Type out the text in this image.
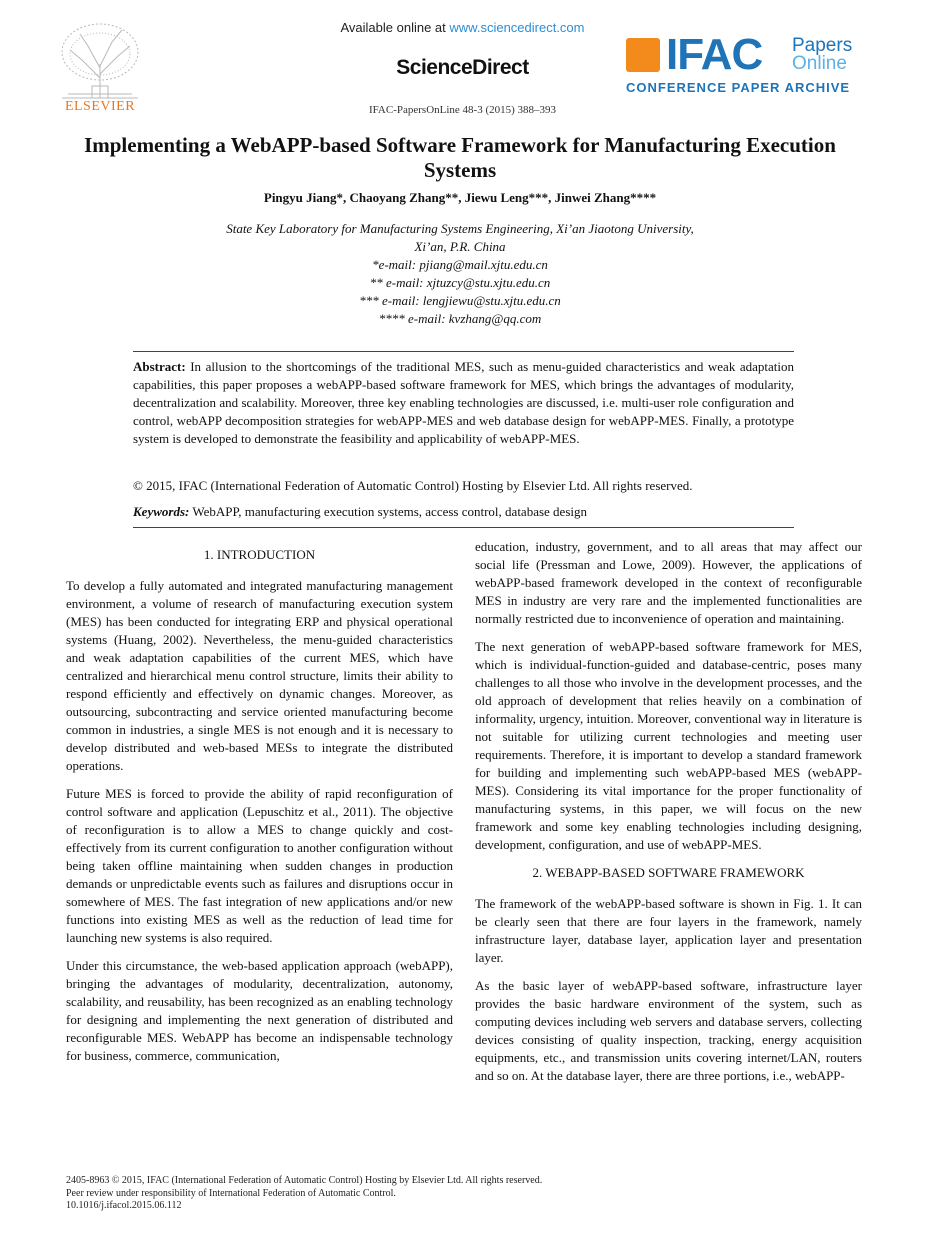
Available online at www.sciencedirect.com
ScienceDirect
IFAC-PapersOnLine 48-3 (2015) 388–393
ELSEVIER
IFAC Papers
Online
CONFERENCE PAPER ARCHIVE
Implementing a WebAPP-based Software Framework for Manufacturing Execution Systems
Pingyu Jiang*, Chaoyang Zhang**, Jiewu Leng***, Jinwei Zhang****
State Key Laboratory for Manufacturing Systems Engineering, Xi’an Jiaotong University,
Xi’an, P.R. China
*e-mail: pjiang@mail.xjtu.edu.cn
** e-mail: xjtuzcy@stu.xjtu.edu.cn
*** e-mail: lengjiewu@stu.xjtu.edu.cn
**** e-mail: kvzhang@qq.com
Abstract: In allusion to the shortcomings of the traditional MES, such as menu-guided characteristics and weak adaptation capabilities, this paper proposes a webAPP-based software framework for MES, which brings the advantages of modularity, decentralization and scalability. Moreover, three key enabling technologies are discussed, i.e. multi-user role configuration and control, webAPP decomposition strategies for webAPP-MES and web database design for webAPP-MES. Finally, a prototype system is developed to demonstrate the feasibility and applicability of webAPP-MES.
© 2015, IFAC (International Federation of Automatic Control) Hosting by Elsevier Ltd. All rights reserved.
Keywords: WebAPP, manufacturing execution systems, access control, database design
1. INTRODUCTION

To develop a fully automated and integrated manufacturing management environment, a volume of research of manufacturing execution system (MES) has been conducted for integrating ERP and physical operational systems (Huang, 2002). Nevertheless, the menu-guided characteristics and weak adaptation capabilities of the current MES, which have centralized and hierarchical menu control structure, limits their ability to respond efficiently and effectively on dynamic changes. Moreover, as outsourcing, subcontracting and service oriented manufacturing become common in industries, a single MES is not enough and it is necessary to develop distributed and web-based MESs to integrate the distributed operations.

Future MES is forced to provide the ability of rapid reconfiguration of control software and application (Lepuschitz et al., 2011). The objective of reconfiguration is to allow a MES to change quickly and cost-effectively from its current configuration to another configuration without being taken offline maintaining when sudden changes in production demands or unpredictable events such as failures and disruptions occur in somewhere of MES. The fast integration of new applications and/or new functions into existing MES as well as the reduction of lead time for launching new systems is also required.

Under this circumstance, the web-based application approach (webAPP), bringing the advantages of modularity, decentralization, autonomy, scalability, and reusability, has been recognized as an enabling technology for designing and implementing the next generation of distributed and reconfigurable MES. WebAPP has become an indispensable technology for business, commerce, communication,

education, industry, government, and to all areas that may affect our social life (Pressman and Lowe, 2009). However, the applications of webAPP-based framework developed in the context of reconfigurable MES in industry are very rare and the implemented functionalities are normally restricted due to inconvenience of operation and maintaining.

The next generation of webAPP-based software framework for MES, which is individual-function-guided and database-centric, poses many challenges to all those who involve in the development processes, and the old approach of development that relies heavily on a combination of informality, urgency, intuition. Moreover, conventional way in literature is not suitable for utilizing current technologies and meeting user requirements. Therefore, it is important to develop a standard framework for building and implementing such webAPP-based MES (webAPP-MES). Considering its vital importance for the proper functionality of manufacturing systems, in this paper, we will focus on the new framework and some key enabling technologies including designing, development, configuration, and use of webAPP-MES.

2. WEBAPP-BASED SOFTWARE FRAMEWORK

The framework of the webAPP-based software is shown in Fig. 1. It can be clearly seen that there are four layers in the framework, namely infrastructure layer, database layer, application layer and presentation layer.

As the basic layer of webAPP-based software, infrastructure layer provides the basic hardware environment of the system, such as computing devices including web servers and database servers, collecting devices consisting of quality inspection, tracking, energy acquisition equipments, etc., and transmission units covering internet/LAN, routers and so on. At the database layer, there are three portions, i.e., webAPP-

2405-8963 © 2015, IFAC (International Federation of Automatic Control) Hosting by Elsevier Ltd. All rights reserved.
Peer review under responsibility of International Federation of Automatic Control.
10.1016/j.ifacol.2015.06.112
